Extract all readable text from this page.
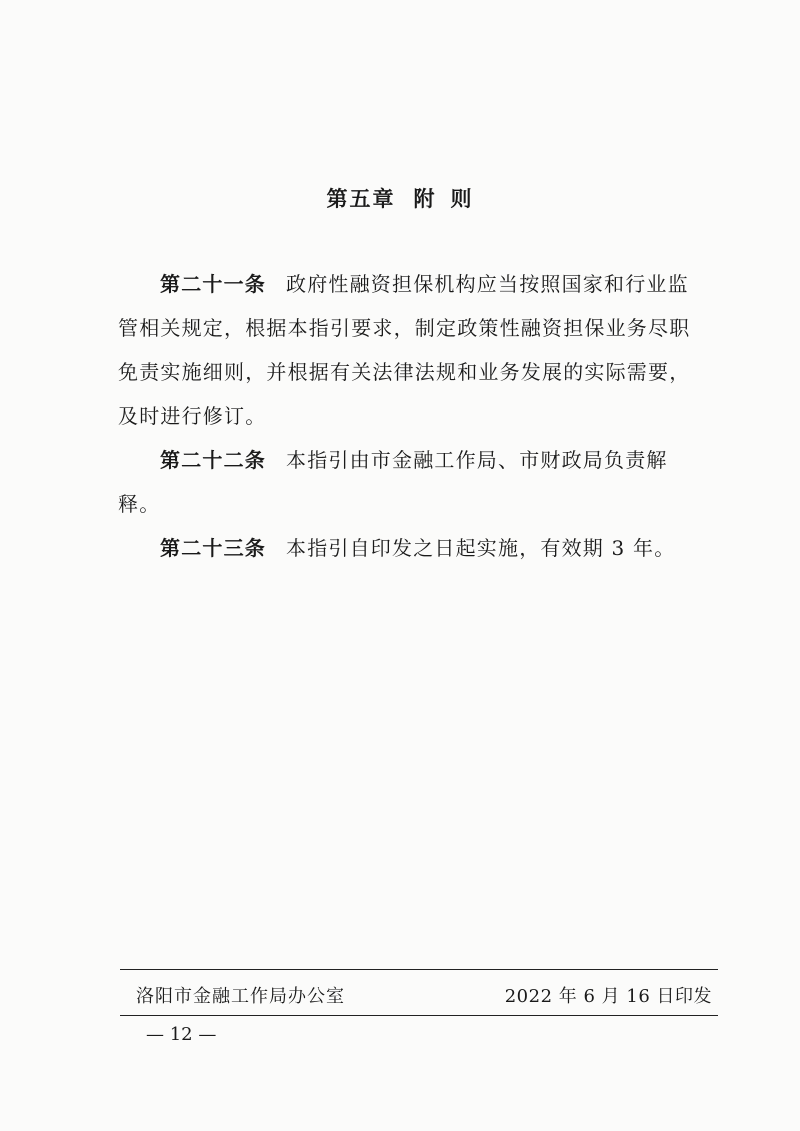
第五章 附 则

第二十一条 政府性融资担保机构应当按照国家和行业监管相关规定，根据本指引要求，制定政策性融资担保业务尽职免责实施细则，并根据有关法律法规和业务发展的实际需要，及时进行修订。

第二十二条 本指引由市金融工作局、市财政局负责解释。

第二十三条 本指引自印发之日起实施，有效期 3 年。

洛阳市金融工作局办公室	2022 年 6 月 16 日印发
— 12 —
